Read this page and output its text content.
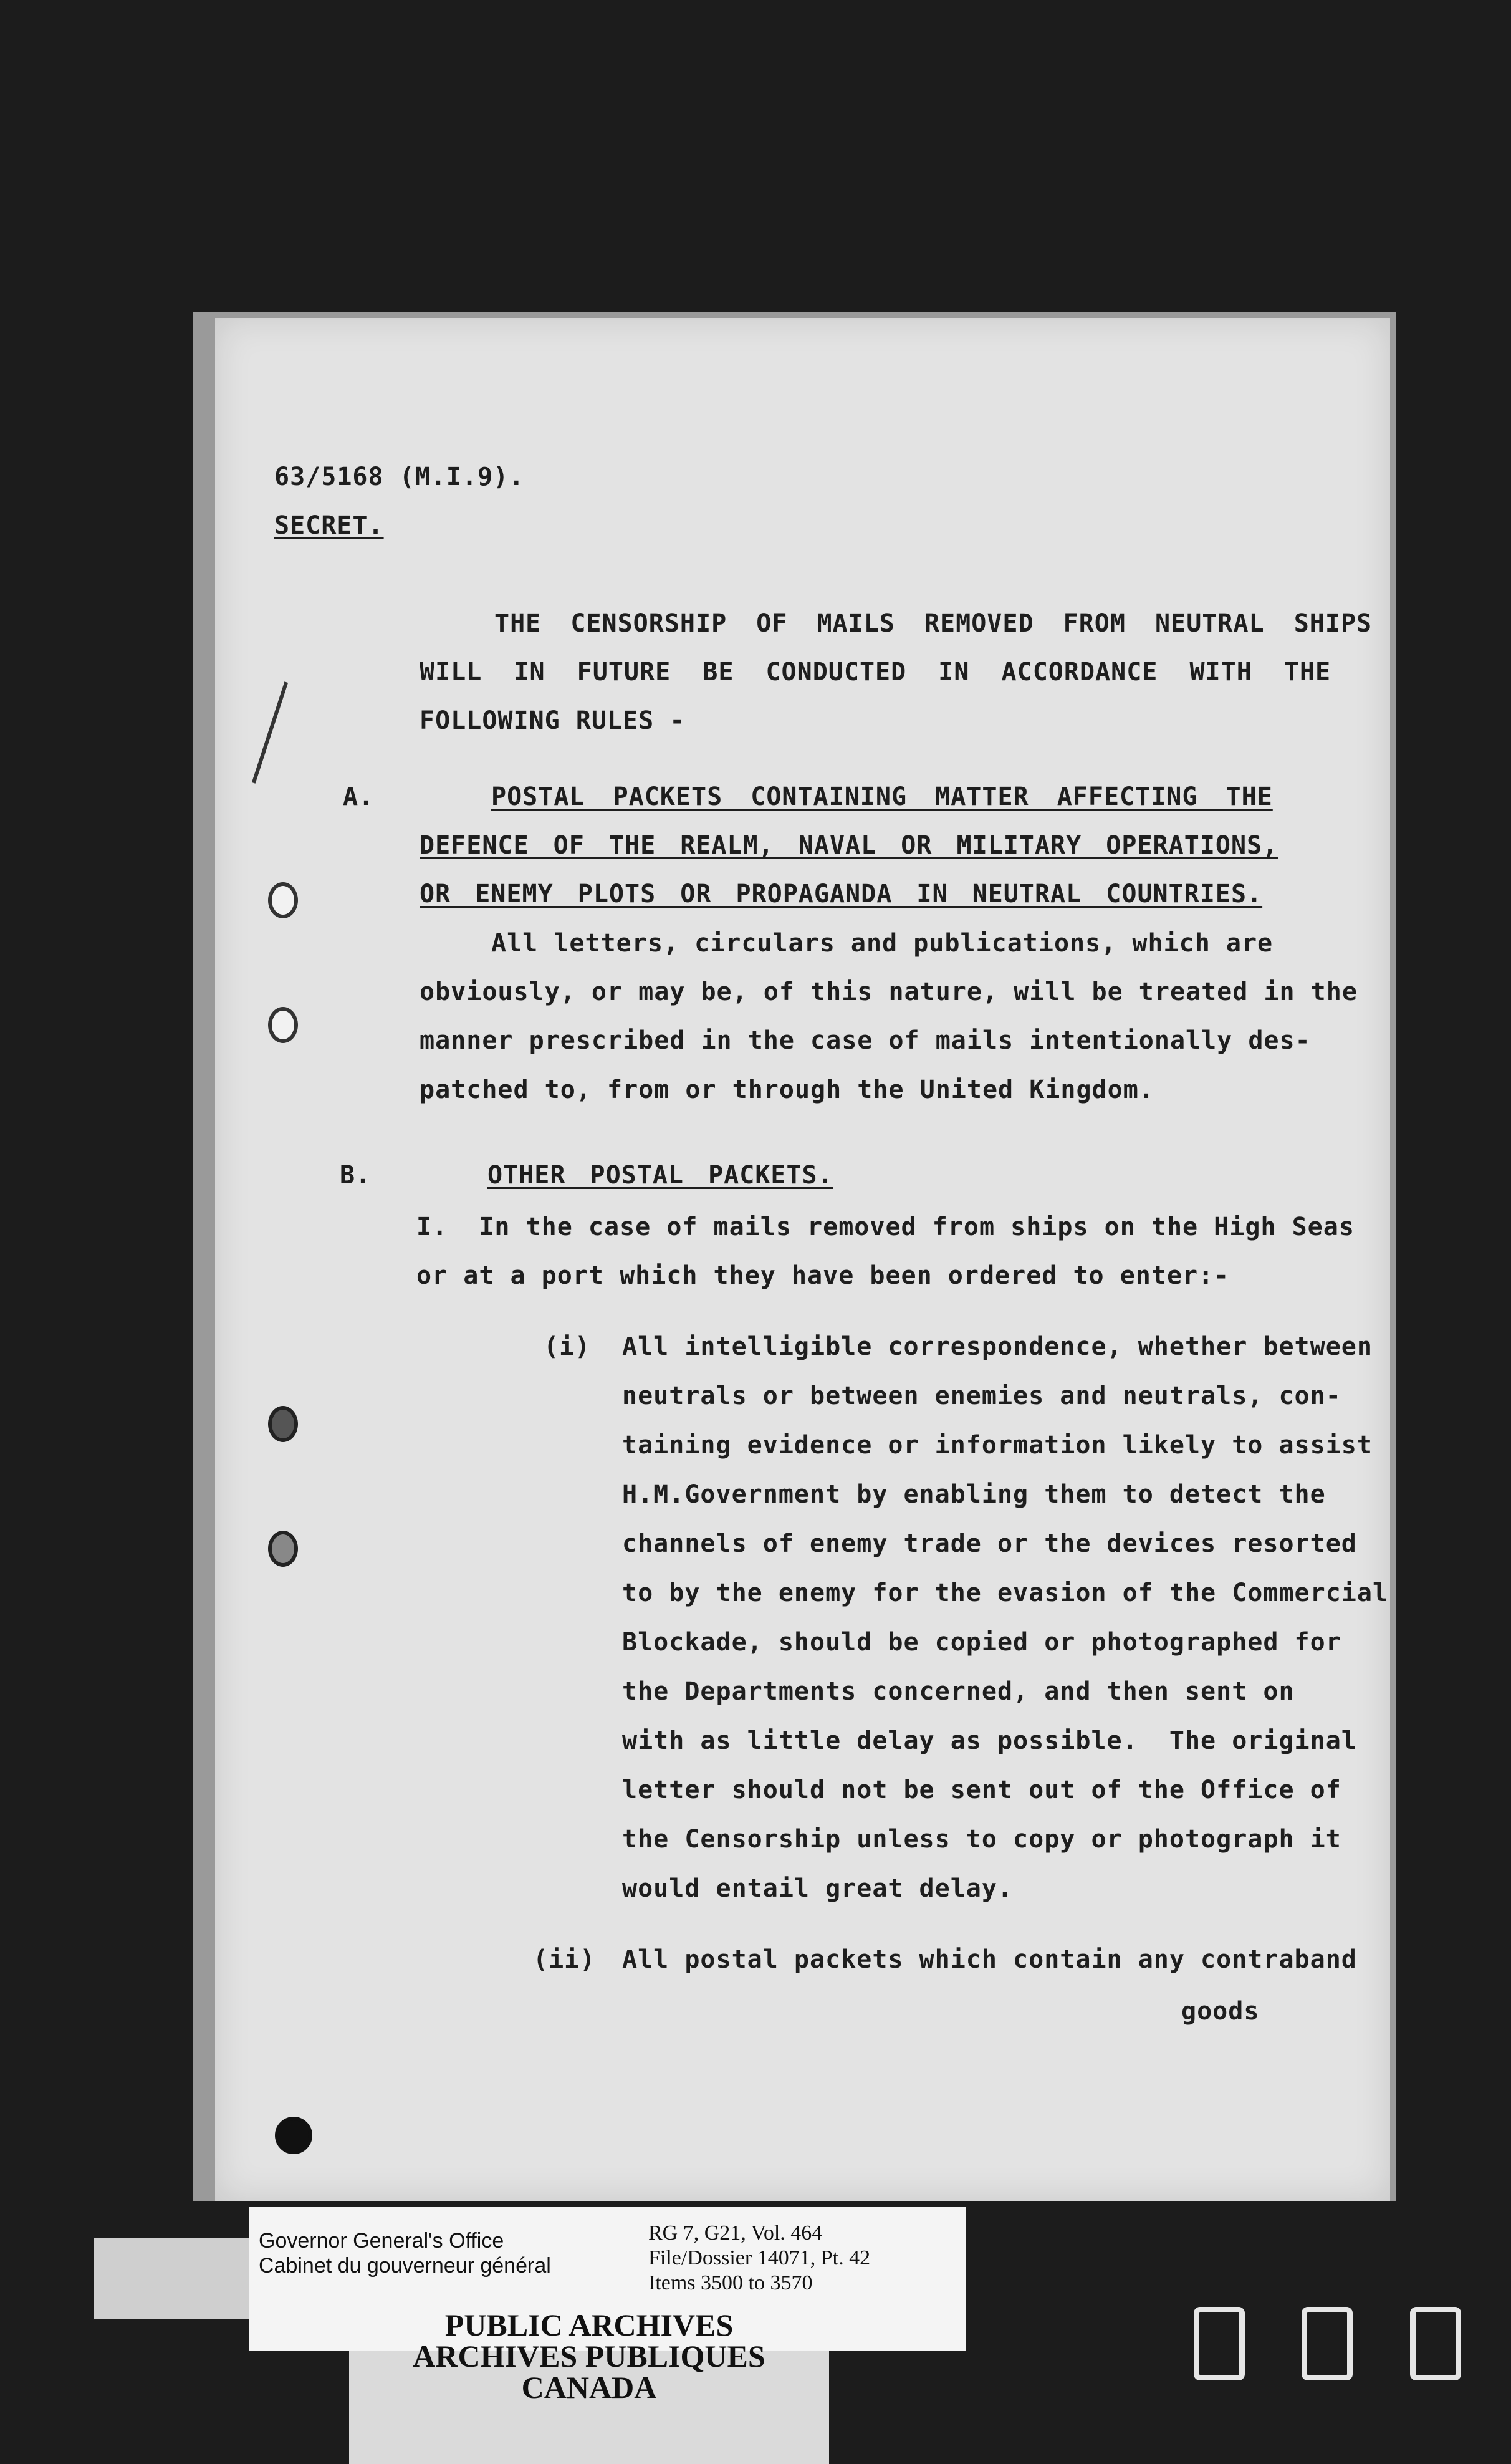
63/5168 (M.I.9).
SECRET.
THE CENSORSHIP OF MAILS REMOVED FROM NEUTRAL SHIPS
WILL IN FUTURE BE CONDUCTED IN ACCORDANCE WITH THE
FOLLOWING RULES -
A.	POSTAL PACKETS CONTAINING MATTER AFFECTING THE
DEFENCE OF THE REALM, NAVAL OR MILITARY OPERATIONS,
OR ENEMY PLOTS OR PROPAGANDA IN NEUTRAL COUNTRIES.
All letters, circulars and publications, which are
obviously, or may be, of this nature, will be treated in the
manner prescribed in the case of mails intentionally des-
patched to, from or through the United Kingdom.
B.	OTHER POSTAL PACKETS.
I.  In the case of mails removed from ships on the High Seas
or at a port which they have been ordered to enter:-
(i) All intelligible correspondence, whether between
neutrals or between enemies and neutrals, con-
taining evidence or information likely to assist
H.M.Government by enabling them to detect the
channels of enemy trade or the devices resorted
to by the enemy for the evasion of the Commercial
Blockade, should be copied or photographed for
the Departments concerned, and then sent on
with as little delay as possible.  The original
letter should not be sent out of the Office of
the Censorship unless to copy or photograph it
would entail great delay.
(ii) All postal packets which contain any contraband
goods
Governor General's Office
Cabinet du gouverneur général
RG 7, G21, Vol. 464
File/Dossier 14071, Pt. 42
Items 3500 to 3570
PUBLIC ARCHIVES
ARCHIVES PUBLIQUES
CANADA
